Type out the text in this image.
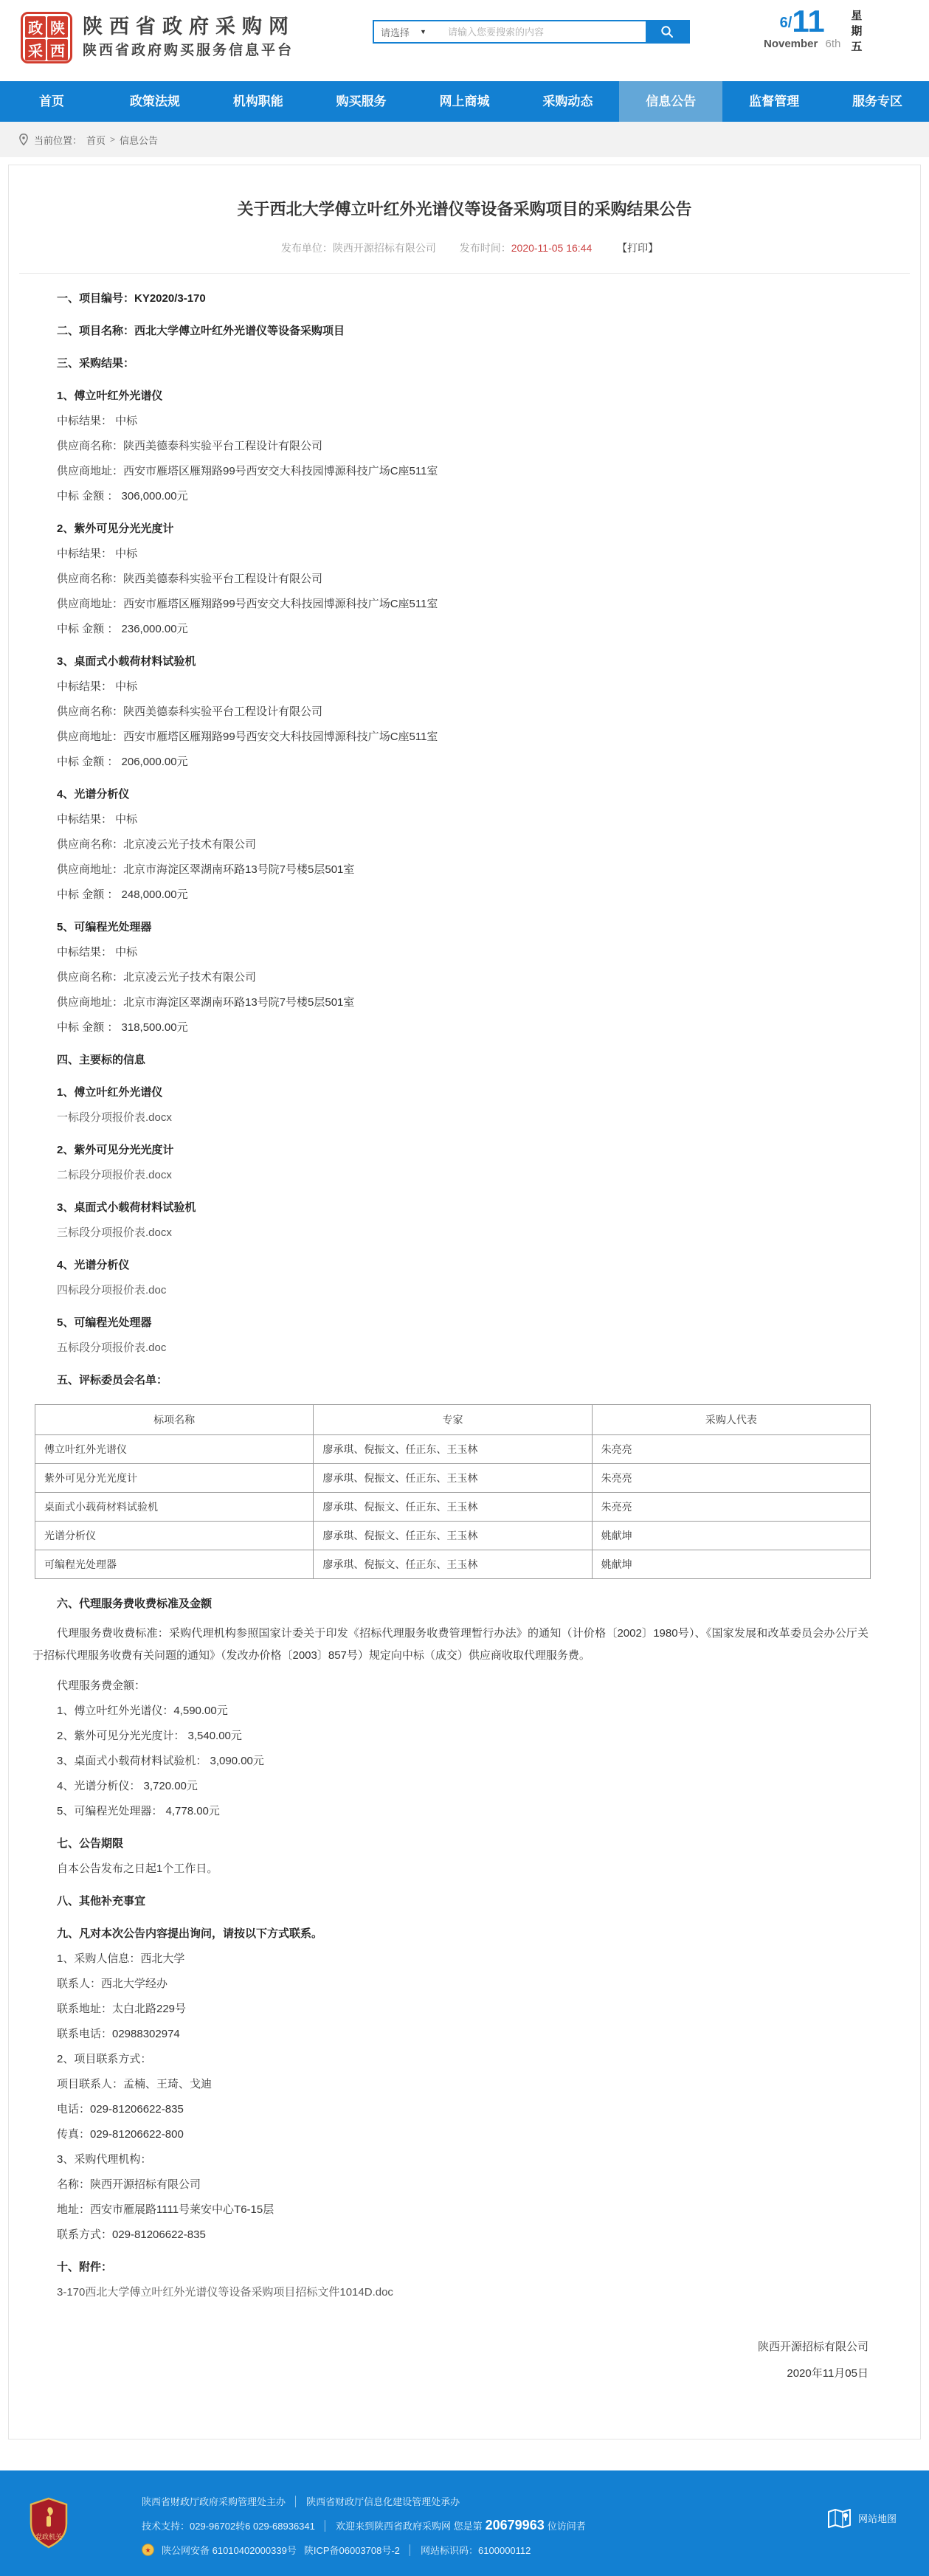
政 陕
采 西
陕西省政府采购网
陕西省政府购买服务信息平台
请选择 ▼
请输入您要搜索的内容
6/ 11
November 6th
星
期
五
首页	政策法规	机构职能	购买服务	网上商城	采购动态	信息公告	监督管理	服务专区
当前位置： 首页 > 信息公告
关于西北大学傅立叶红外光谱仪等设备采购项目的采购结果公告
发布单位：陕西开源招标有限公司 发布时间：2020-11-05 16:44 【打印】

一、项目编号：KY2020/3-170

二、项目名称：西北大学傅立叶红外光谱仪等设备采购项目

三、采购结果：

1、傅立叶红外光谱仪

中标结果： 中标

供应商名称：陕西美德泰科实验平台工程设计有限公司

供应商地址：西安市雁塔区雁翔路99号西安交大科技园博源科技广场C座511室

中标 金额 ： 306,000.00元

2、紫外可见分光光度计

中标结果： 中标

供应商名称：陕西美德泰科实验平台工程设计有限公司

供应商地址：西安市雁塔区雁翔路99号西安交大科技园博源科技广场C座511室

中标 金额 ： 236,000.00元

3、桌面式小载荷材料试验机

中标结果： 中标

供应商名称：陕西美德泰科实验平台工程设计有限公司

供应商地址：西安市雁塔区雁翔路99号西安交大科技园博源科技广场C座511室

中标 金额 ： 206,000.00元

4、光谱分析仪

中标结果： 中标

供应商名称：北京凌云光子技术有限公司

供应商地址：北京市海淀区翠湖南环路13号院7号楼5层501室

中标 金额 ： 248,000.00元

5、可编程光处理器

中标结果： 中标

供应商名称：北京凌云光子技术有限公司

供应商地址：北京市海淀区翠湖南环路13号院7号楼5层501室

中标 金额 ： 318,500.00元

四、主要标的信息

1、傅立叶红外光谱仪

一标段分项报价表.docx

2、紫外可见分光光度计

二标段分项报价表.docx

3、桌面式小载荷材料试验机

三标段分项报价表.docx

4、光谱分析仪

四标段分项报价表.doc

5、可编程光处理器

五标段分项报价表.doc

五、评标委员会名单：

标项名称	专家	采购人代表
傅立叶红外光谱仪	廖承琪、倪振文、任正东、王玉林	朱亮亮
紫外可见分光光度计	廖承琪、倪振文、任正东、王玉林	朱亮亮
桌面式小载荷材料试验机	廖承琪、倪振文、任正东、王玉林	朱亮亮
光谱分析仪	廖承琪、倪振文、任正东、王玉林	姚献坤
可编程光处理器	廖承琪、倪振文、任正东、王玉林	姚献坤

六、代理服务费收费标准及金额

代理服务费收费标准：采购代理机构参照国家计委关于印发《招标代理服务收费管理暂行办法》的通知（计价格〔2002〕1980号）、《国家发展和改革委员会办公厅关于招标代理服务收费有关问题的通知》（发改办价格〔2003〕857号）规定向中标（成交）供应商收取代理服务费。

代理服务费金额：

1、傅立叶红外光谱仪：4,590.00元

2、紫外可见分光光度计： 3,540.00元

3、桌面式小载荷材料试验机： 3,090.00元

4、光谱分析仪： 3,720.00元

5、可编程光处理器： 4,778.00元

七、公告期限

自本公告发布之日起1个工作日。

八、其他补充事宜

九、凡对本次公告内容提出询问，请按以下方式联系。

1、采购人信息：西北大学

联系人：西北大学经办

联系地址：太白北路229号

联系电话：02988302974

2、项目联系方式：

项目联系人：孟楠、王琦、戈迪

电话：029-81206622-835

传真：029-81206622-800

3、采购代理机构：

名称：陕西开源招标有限公司

地址：西安市雁展路1111号莱安中心T6-15层

联系方式：029-81206622-835

十、附件：

3-170西北大学傅立叶红外光谱仪等设备采购项目招标文件1014D.doc

陕西开源招标有限公司
2020年11月05日
党政机关
陕西省财政厅政府采购管理处主办 │ 陕西省财政厅信息化建设管理处承办
技术支持：029-96702转6 029-68936341 │ 欢迎来到陕西省政府采购网 您是第 20679963 位访问者
★ 陕公网安备 61010402000339号 陕ICP备06003708号-2 │ 网站标识码：6100000112
网站地图
